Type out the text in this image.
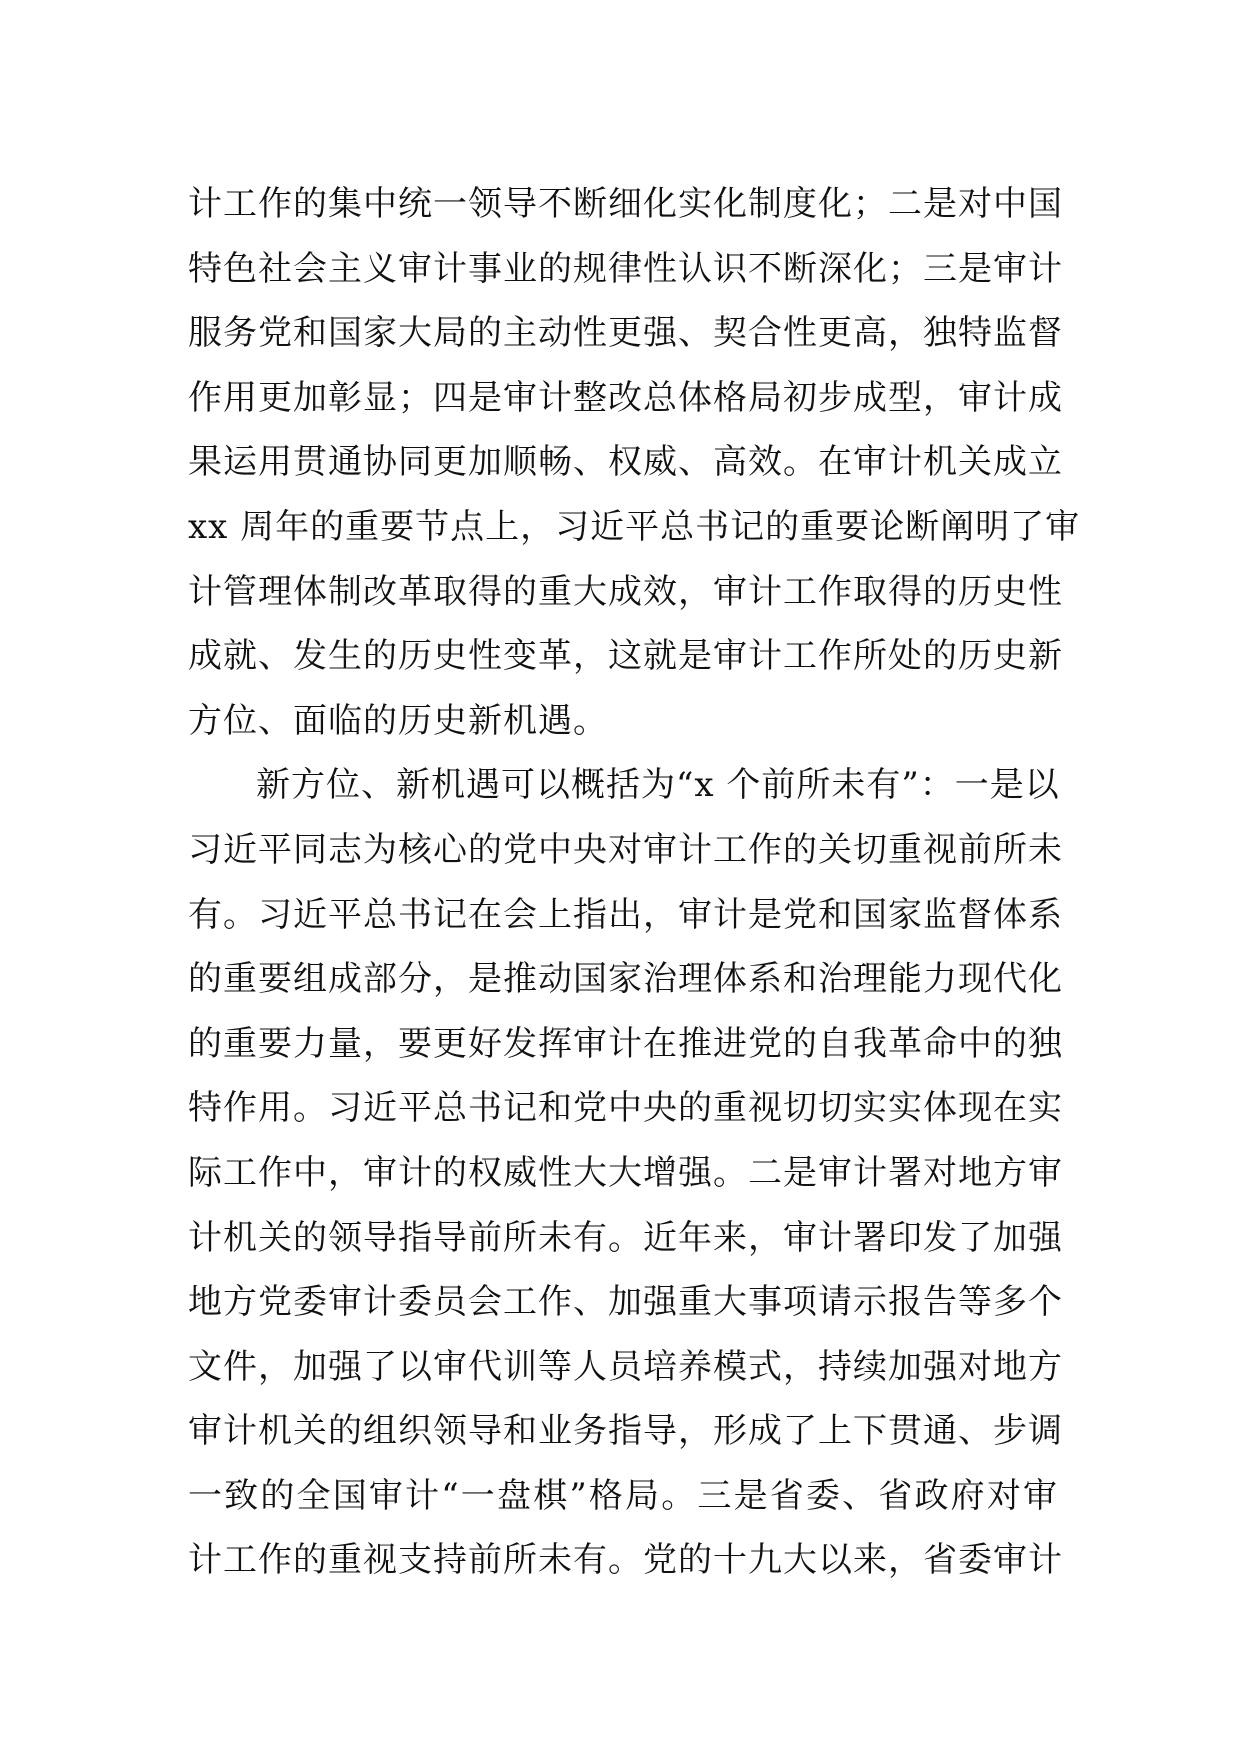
计工作的集中统一领导不断细化实化制度化；二是对中国
特色社会主义审计事业的规律性认识不断深化；三是审计
服务党和国家大局的主动性更强、契合性更高，独特监督
作用更加彰显；四是审计整改总体格局初步成型，审计成
果运用贯通协同更加顺畅、权威、高效。在审计机关成立
xx 周年的重要节点上，习近平总书记的重要论断阐明了审
计管理体制改革取得的重大成效，审计工作取得的历史性
成就、发生的历史性变革，这就是审计工作所处的历史新
方位、面临的历史新机遇。
新方位、新机遇可以概括为“x 个前所未有”：一是以
习近平同志为核心的党中央对审计工作的关切重视前所未
有。习近平总书记在会上指出，审计是党和国家监督体系
的重要组成部分，是推动国家治理体系和治理能力现代化
的重要力量，要更好发挥审计在推进党的自我革命中的独
特作用。习近平总书记和党中央的重视切切实实体现在实
际工作中，审计的权威性大大增强。二是审计署对地方审
计机关的领导指导前所未有。近年来，审计署印发了加强
地方党委审计委员会工作、加强重大事项请示报告等多个
文件，加强了以审代训等人员培养模式，持续加强对地方
审计机关的组织领导和业务指导，形成了上下贯通、步调
一致的全国审计“一盘棋”格局。三是省委、省政府对审
计工作的重视支持前所未有。党的十九大以来，省委审计
